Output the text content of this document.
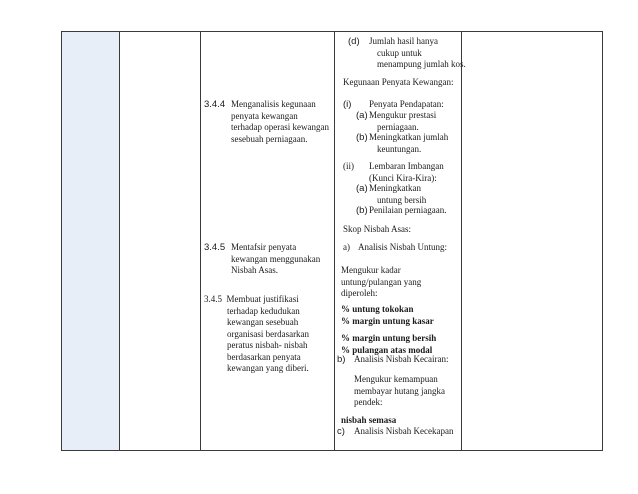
3.4.4 Menganalisis kegunaan
penyata kewangan
terhadap operasi kewangan
sesebuah perniagaan.
3.4.5 Mentafsir penyata
kewangan menggunakan
Nisbah Asas.
3.4.5 Membuat justifikasi
terhadap kedudukan
kewangan sesebuah
organisasi berdasarkan
peratus nisbah- nisbah
berdasarkan penyata
kewangan yang diberi.
(d) Jumlah hasil hanya
cukup untuk
menampung jumlah kos.
Kegunaan Penyata Kewangan:
(i) Penyata Pendapatan:
(a) Mengukur prestasi
perniagaan.
(b) Meningkatkan jumlah
keuntungan.
(ii) Lembaran Imbangan
(Kunci Kira-Kira):
(a) Meningkatkan
untung bersih
(b) Penilaian perniagaan.
Skop Nisbah Asas:
a) Analisis Nisbah Untung:
Mengukur kadar
untung/pulangan yang
diperoleh:
% untung tokokan
% margin untung kasar
% margin untung bersih
% pulangan atas modal
b) Analisis Nisbah Kecairan:
Mengukur kemampuan
membayar hutang jangka
pendek:
nisbah semasa
c) Analisis Nisbah Kecekapan
